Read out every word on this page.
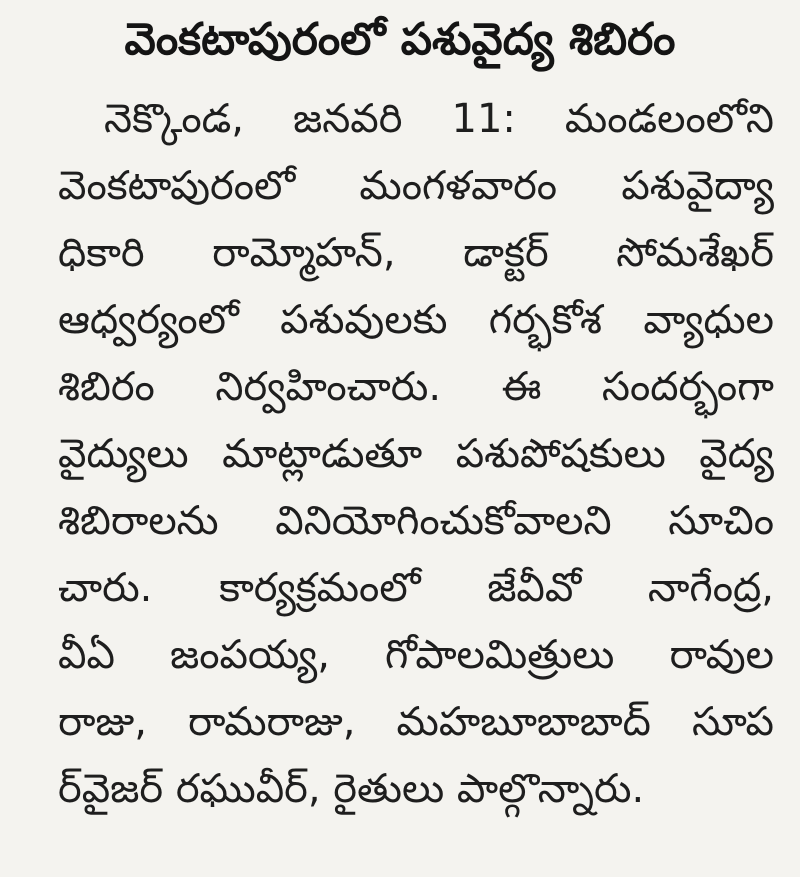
వెంకటాపురంలో పశువైద్య శిబిరం
నెక్కొండ, జనవరి 11: మండలంలోని
వెంకటాపురంలో మంగళవారం పశువైద్యా
ధికారి రామ్మోహన్, డాక్టర్ సోమశేఖర్
ఆధ్వర్యంలో పశువులకు గర్భకోశ వ్యాధుల
శిబిరం నిర్వహించారు. ఈ సందర్భంగా
వైద్యులు మాట్లాడుతూ పశుపోషకులు వైద్య
శిబిరాలను వినియోగించుకోవాలని సూచిం
చారు. కార్యక్రమంలో జేవీవో నాగేంద్ర,
వీఏ జంపయ్య, గోపాలమిత్రులు రావుల
రాజు, రామరాజు, మహబూబాబాద్ సూప
ర్‌వైజర్ రఘువీర్, రైతులు పాల్గొన్నారు.
